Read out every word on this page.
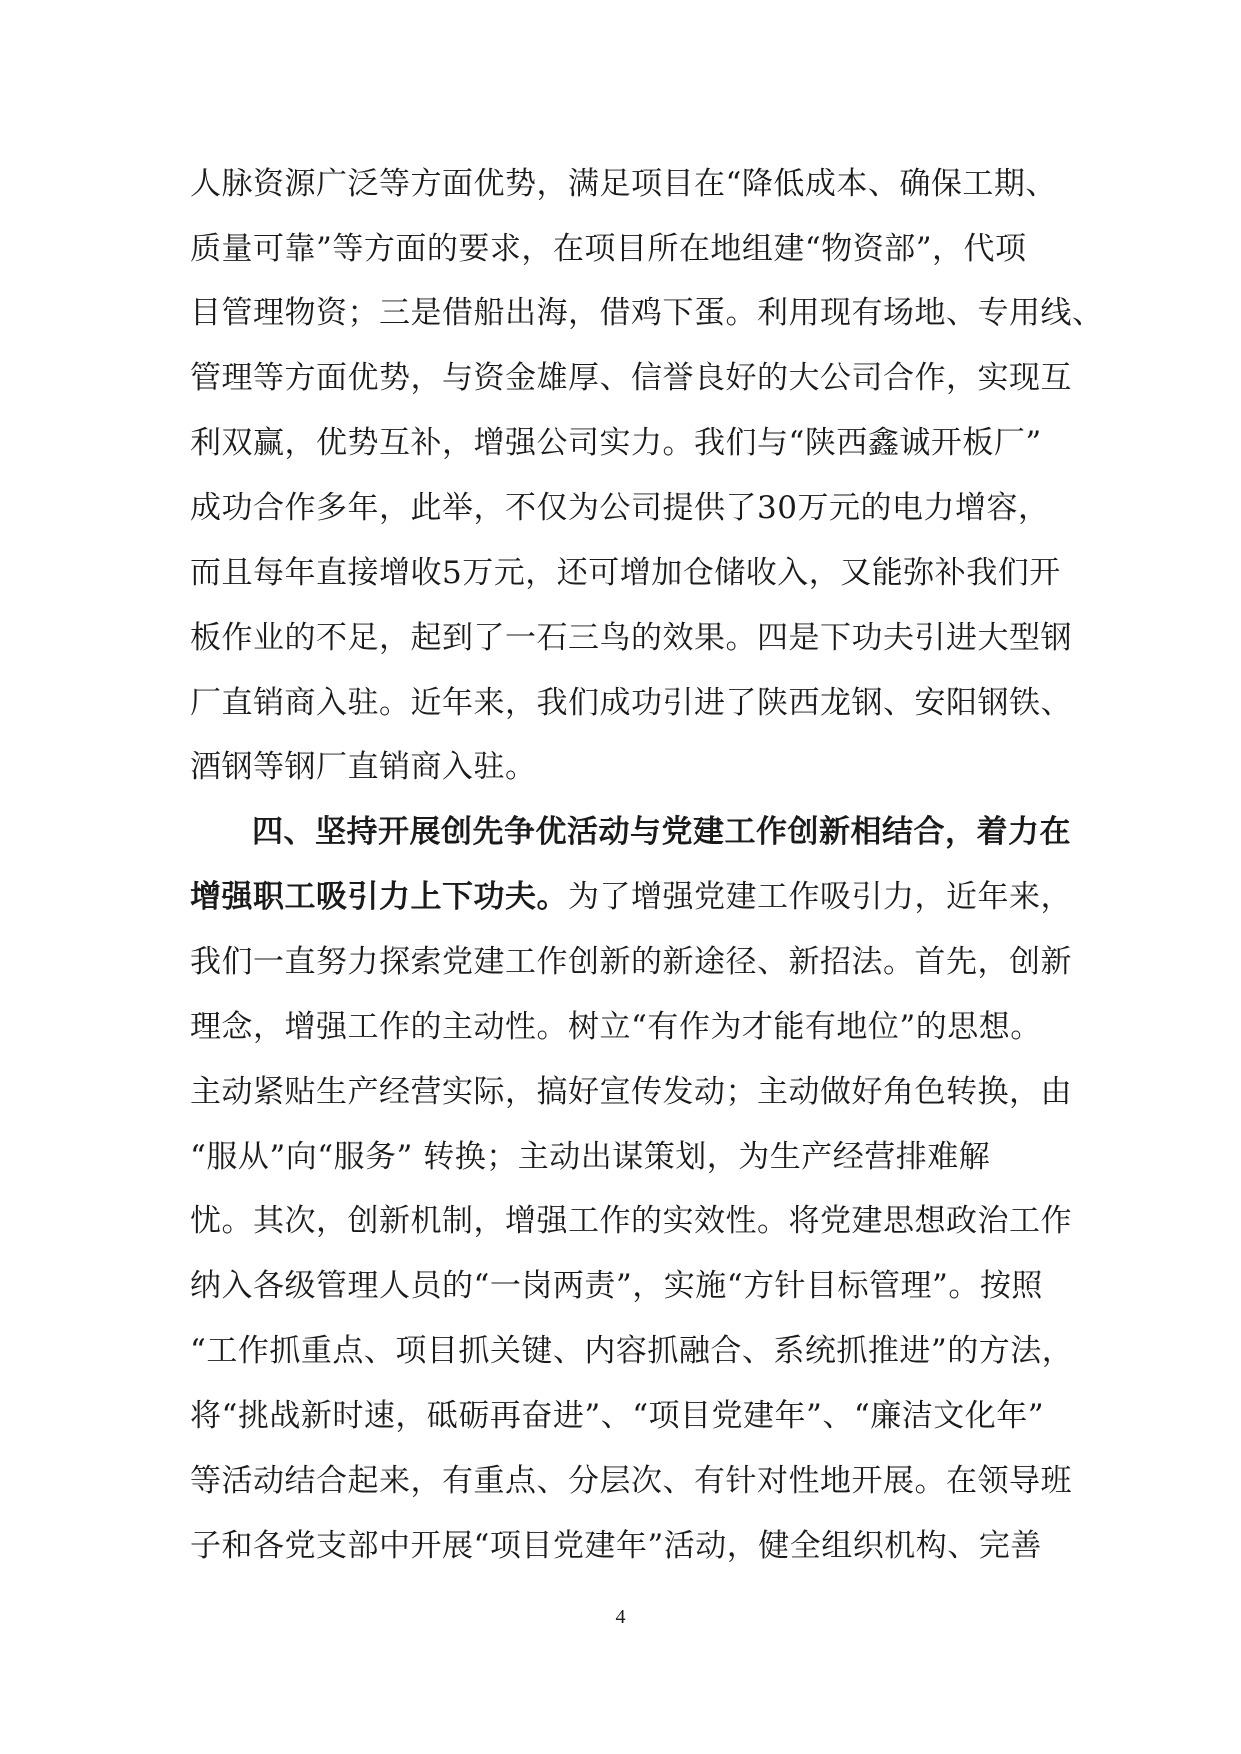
人脉资源广泛等方面优势，满足项目在“降低成本、确保工期、
质量可靠”等方面的要求，在项目所在地组建“物资部”，代项
目管理物资；三是借船出海，借鸡下蛋。利用现有场地、专用线、
管理等方面优势，与资金雄厚、信誉良好的大公司合作，实现互
利双赢，优势互补，增强公司实力。我们与“陕西鑫诚开板厂”
成功合作多年，此举，不仅为公司提供了30万元的电力增容，
而且每年直接增收5万元，还可增加仓储收入，又能弥补我们开
板作业的不足，起到了一石三鸟的效果。四是下功夫引进大型钢
厂直销商入驻。近年来，我们成功引进了陕西龙钢、安阳钢铁、
酒钢等钢厂直销商入驻。
四、坚持开展创先争优活动与党建工作创新相结合，着力在
增强职工吸引力上下功夫。为了增强党建工作吸引力，近年来，
我们一直努力探索党建工作创新的新途径、新招法。首先，创新
理念，增强工作的主动性。树立“有作为才能有地位”的思想。
主动紧贴生产经营实际，搞好宣传发动；主动做好角色转换，由
“服从”向“服务” 转换；主动出谋策划，为生产经营排难解
忧。其次，创新机制，增强工作的实效性。将党建思想政治工作
纳入各级管理人员的“一岗两责”，实施“方针目标管理”。按照
“工作抓重点、项目抓关键、内容抓融合、系统抓推进”的方法，
将“挑战新时速，砥砺再奋进”、“项目党建年”、“廉洁文化年”
等活动结合起来，有重点、分层次、有针对性地开展。在领导班
子和各党支部中开展“项目党建年”活动，健全组织机构、完善
4
